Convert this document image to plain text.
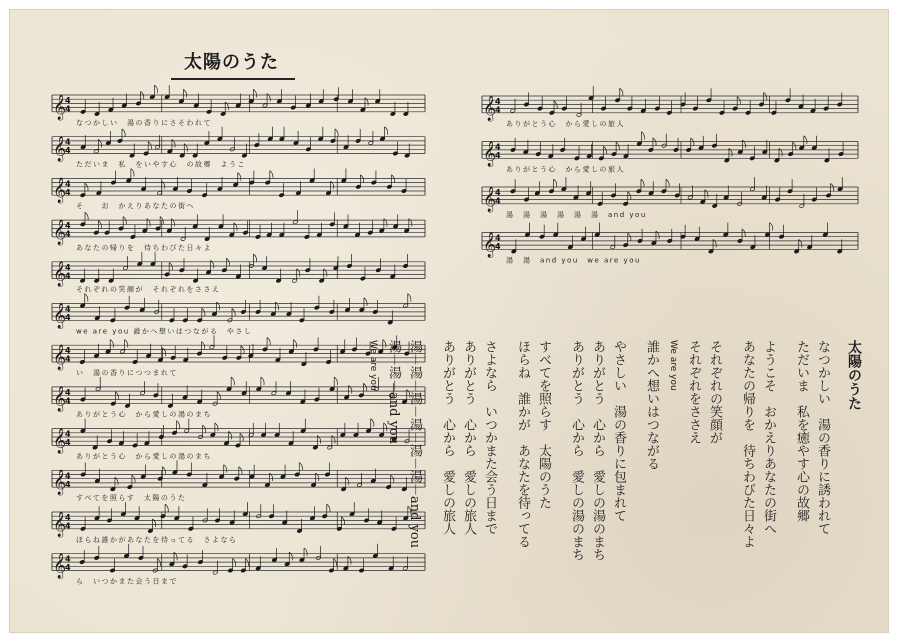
太陽のうた
𝄞
4
4
なつかしい　湯の香りにさそわれて
𝄞
4
4
ただいま　私　をいやす心　の故郷　ようこ
𝄞
4
4
そ　　お　かえりあなたの街へ
𝄞
4
4
あなたの帰りを　待ちわびた日々よ
𝄞
4
4
それぞれの笑顔が　それぞれをささえ
𝄞
4
4
we are you 誰かへ想いはつながる　やさし
𝄞
4
4
い　湯の香りにつつまれて
𝄞
4
4
ありがとう心　から愛しの湯のまち
𝄞
4
4
ありがとう心　から愛しの湯のまち
𝄞
4
4
すべてを照らす　太陽のうた
𝄞
4
4
ほらね誰かがあなたを待ってる　さよなら
𝄞
4
4
ら　いつかまた会う日まで
𝄞
4
4
ありがとう心　から愛しの旅人
𝄞
4
4
ありがとう心　から愛しの旅人
𝄞
4
4
湯　湯　湯　湯　湯　湯　and you
𝄞
4
4
湯　湯　and you　we are you
太陽のうた
なつかしい　湯の香りに誘われて
ただいま　私を癒やす心の故郷
ようこそ　おかえりあなたの街へ
あなたの帰りを　待ちわびた日々よ
それぞれの笑顔が
それぞれをささえ
We are you
誰かへ想いはつながる
やさしい　湯の香りに包まれて
ありがとう　心から　愛しの湯のまち
ありがとう　心から　愛しの湯のまち
すべてを照らす　太陽のうた
ほらね　誰かが　あなたを待ってる
さよなら　いつかまた会う日まで
ありがとう　心から　愛しの旅人
ありがとう　心から　愛しの旅人
湯－湯－湯－湯－湯－湯－and you
湯－湯－and you
We are you
